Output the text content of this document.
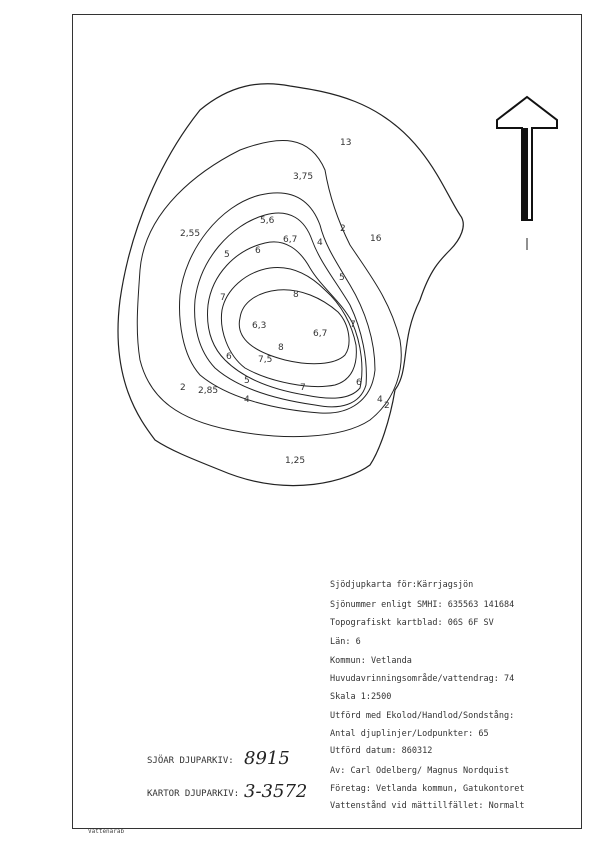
13
3,75
2
16
2,55
5,6
6,7 4
5	6
5
7	8
6,3
6,7
7
8
7,5
6
5
7	6
4
2
2 2,85
4
1,25
Sjödjupkarta för:Kärrjagsjön
Sjönummer enligt SMHI: 635563 141684
Topografiskt kartblad: 06S 6F SV
Län: 6
Kommun: Vetlanda
Huvudavrinningsområde/vattendrag: 74
Skala 1:2500
Utförd med Ekolod/Handlod/Sondstång:
Antal djuplinjer/Lodpunkter: 65
Utförd datum: 860312
Av: Carl Odelberg/ Magnus Nordquist
Företag: Vetlanda kommun, Gatukontoret
Vattenstånd vid mättillfället: Normalt
SJÖAR DJUPARKIV: 8915
KARTOR DJUPARKIV: 3-3572
Vattenarab
